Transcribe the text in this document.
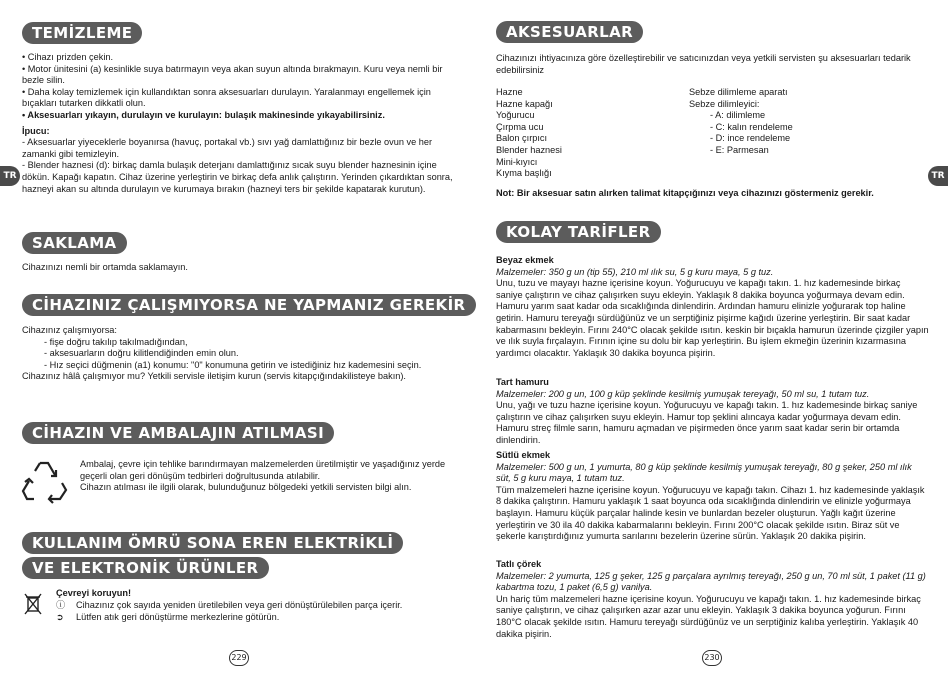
TEMİZLEME

• Cihazı prizden çekin.

• Motor ünitesini (a) kesinlikle suya batırmayın veya akan suyun altında bırakmayın. Kuru veya nemli bir bezle silin.

• Daha kolay temizlemek için kullandıktan sonra aksesuarları durulayın. Yaralanmayı engellemek için bıçakları tutarken dikkatli olun.

• Aksesuarları yıkayın, durulayın ve kurulayın: bulaşık makinesinde yıkayabilirsiniz.

İpucu:

- Aksesuarlar yiyeceklerle boyanırsa (havuç, portakal vb.) sıvı yağ damlattığınız bir bezle ovun ve her zamanki gibi temizleyin.

- Blender haznesi (d): birkaç damla bulaşık deterjanı damlattığınız sıcak suyu blender haznesinin içine dökün. Kapağı kapatın. Cihaz üzerine yerleştirin ve birkaç defa anlık çalıştırın. Yerinden çıkardıktan sonra, hazneyi akan su altında durulayın ve kurumaya bırakın (hazneyi ters bir şekilde kapatarak kurutun).

TR
SAKLAMA
Cihazınızı nemli bir ortamda saklamayın.
CİHAZINIZ ÇALIŞMIYORSA NE YAPMANIZ GEREKİR

Cihazınız çalışmıyorsa:

- fişe doğru takılıp takılmadığından,

- aksesuarların doğru kilitlendiğinden emin olun.

- Hız seçici düğmenin (a1) konumu: "0" konumuna getirin ve istediğiniz hız kademesini seçin.

Cihazınız hâlâ çalışmıyor mu? Yetkili servisle iletişim kurun (servis kitapçığındakilisteye bakın).

CİHAZIN VE AMBALAJIN ATILMASI

Ambalaj, çevre için tehlike barındırmayan malzemelerden üretilmiştir ve yaşadığınız yerde geçerli olan geri dönüşüm tedbirleri doğrultusunda atılabilir.

Cihazın atılması ile ilgili olarak, bulunduğunuz bölgedeki yetkili servisten bilgi alın.

KULLANIM ÖMRÜ SONA EREN ELEKTRİKLİ
VE ELEKTRONİK ÜRÜNLER
Çevreyi koruyun!
ⓘ	Cihazınız çok sayıda yeniden üretilebilen veya geri dönüştürülebilen parça içerir.
➲	Lütfen atık geri dönüştürme merkezlerine götürün.
229
AKSESUARLAR
Cihazınızı ihtiyacınıza göre özelleştirebilir ve satıcınızdan veya yetkili servisten şu aksesuarları tedarik edebilirsiniz
Hazne
Hazne kapağı
Yoğurucu
Çırpma ucu
Balon çırpıcı
Blender haznesi
Mini-kıyıcı
Kıyma başlığı
Sebze dilimleme aparatı
Sebze dilimleyici:
- A: dilimleme
- C: kalın rendeleme
- D: ince rendeleme
- E: Parmesan
Not: Bir aksesuar satın alırken talimat kitapçığınızı veya cihazınızı göstermeniz gerekir.
TR
KOLAY TARİFLER

Beyaz ekmek

Malzemeler: 350 g un (tip 55), 210 ml ılık su, 5 g kuru maya, 5 g tuz.

Unu, tuzu ve mayayı hazne içerisine koyun. Yoğurucuyu ve kapağı takın. 1. hız kademesinde birkaç saniye çalıştırın ve cihaz çalışırken suyu ekleyin. Yaklaşık 8 dakika boyunca yoğurmaya devam edin. Hamuru yarım saat kadar oda sıcaklığında dinlendirin. Ardından hamuru elinizle yoğurarak top haline getirin. Hamuru tereyağı sürdüğünüz ve un serptiğiniz pişirme kağıdı üzerine yerleştirin. Bir saat kadar kabarmasını bekleyin. Fırını 240°C olacak şekilde ısıtın. keskin bir bıçakla hamurun üzerinde çizgiler yapın ve ılık suyla fırçalayın. Fırının içine su dolu bir kap yerleştirin. Bu işlem ekmeğin üzerinin kızarmasına yardımcı olacaktır. Yaklaşık 30 dakika boyunca pişirin.

Tart hamuru

Malzemeler: 200 g un, 100 g küp şeklinde kesilmiş yumuşak tereyağı, 50 ml su, 1 tutam tuz.

Unu, yağı ve tuzu hazne içerisine koyun. Yoğurucuyu ve kapağı takın. 1. hız kademesinde birkaç saniye çalıştırın ve cihaz çalışırken suyu ekleyin. Hamur top şeklini alıncaya kadar yoğurmaya devam edin. Hamuru streç filmle sarın, hamuru açmadan ve pişirmeden önce yarım saat kadar serin bir ortamda dinlendirin.

Sütlü ekmek

Malzemeler: 500 g un, 1 yumurta, 80 g küp şeklinde kesilmiş yumuşak tereyağı, 80 g şeker, 250 ml ılık süt, 5 g kuru maya, 1 tutam tuz.

Tüm malzemeleri hazne içerisine koyun. Yoğurucuyu ve kapağı takın. Cihazı 1. hız kademesinde yaklaşık 8 dakika çalıştırın. Hamuru yaklaşık 1 saat boyunca oda sıcaklığında dinlendirin ve elinizle yoğurmaya başlayın. Hamuru küçük parçalar halinde kesin ve bunlardan bezeler oluşturun. Yağlı kağıt üzerine yerleştirin ve 30 ila 40 dakika kabarmalarını bekleyin. Fırını 200°C olacak şekilde ısıtın. Biraz süt ve şekerle karıştırdığınız yumurta sarılarını bezelerin üzerine sürün. Yaklaşık 20 dakika pişirin.

Tatlı çörek

Malzemeler: 2 yumurta, 125 g şeker, 125 g parçalara ayrılmış tereyağı, 250 g un, 70 ml süt, 1 paket (11 g) kabartma tozu, 1 paket (6,5 g) vanilya.

Un hariç tüm malzemeleri hazne içerisine koyun. Yoğurucuyu ve kapağı takın. 1. hız kademesinde birkaç saniye çalıştırın, ve cihaz çalışırken azar azar unu ekleyin. Yaklaşık 3 dakika boyunca yoğurun. Fırını 180°C olacak şekilde ısıtın. Hamuru tereyağı sürdüğünüz ve un serptiğiniz kalıba yerleştirin. Yaklaşık 40 dakika pişirin.

230
